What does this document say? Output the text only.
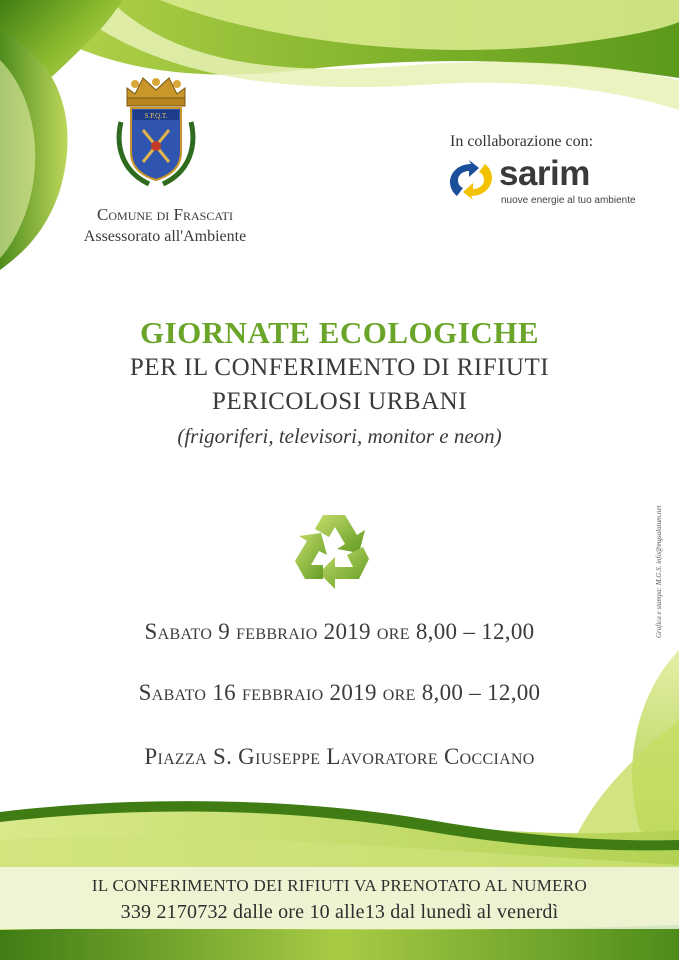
S.P.Q.T.
Comune di Frascati
Assessorato all'Ambiente
In collaborazione con:
sarim
nuove energie al tuo ambiente
GIORNATE ECOLOGICHE
PER IL CONFERIMENTO DI RIFIUTI
PERICOLOSI URBANI
(frigoriferi, televisori, monitor e neon)
Sabato 9 febbraio 2019 ore 8,00 – 12,00
Sabato 16 febbraio 2019 ore 8,00 – 12,00
Piazza S. Giuseppe Lavoratore Cocciano
Grafica e stampa: M.G.S. info@mgsalatum.net
IL CONFERIMENTO DEI RIFIUTI VA PRENOTATO AL NUMERO
339 2170732 dalle ore 10 alle13 dal lunedì al venerdì
